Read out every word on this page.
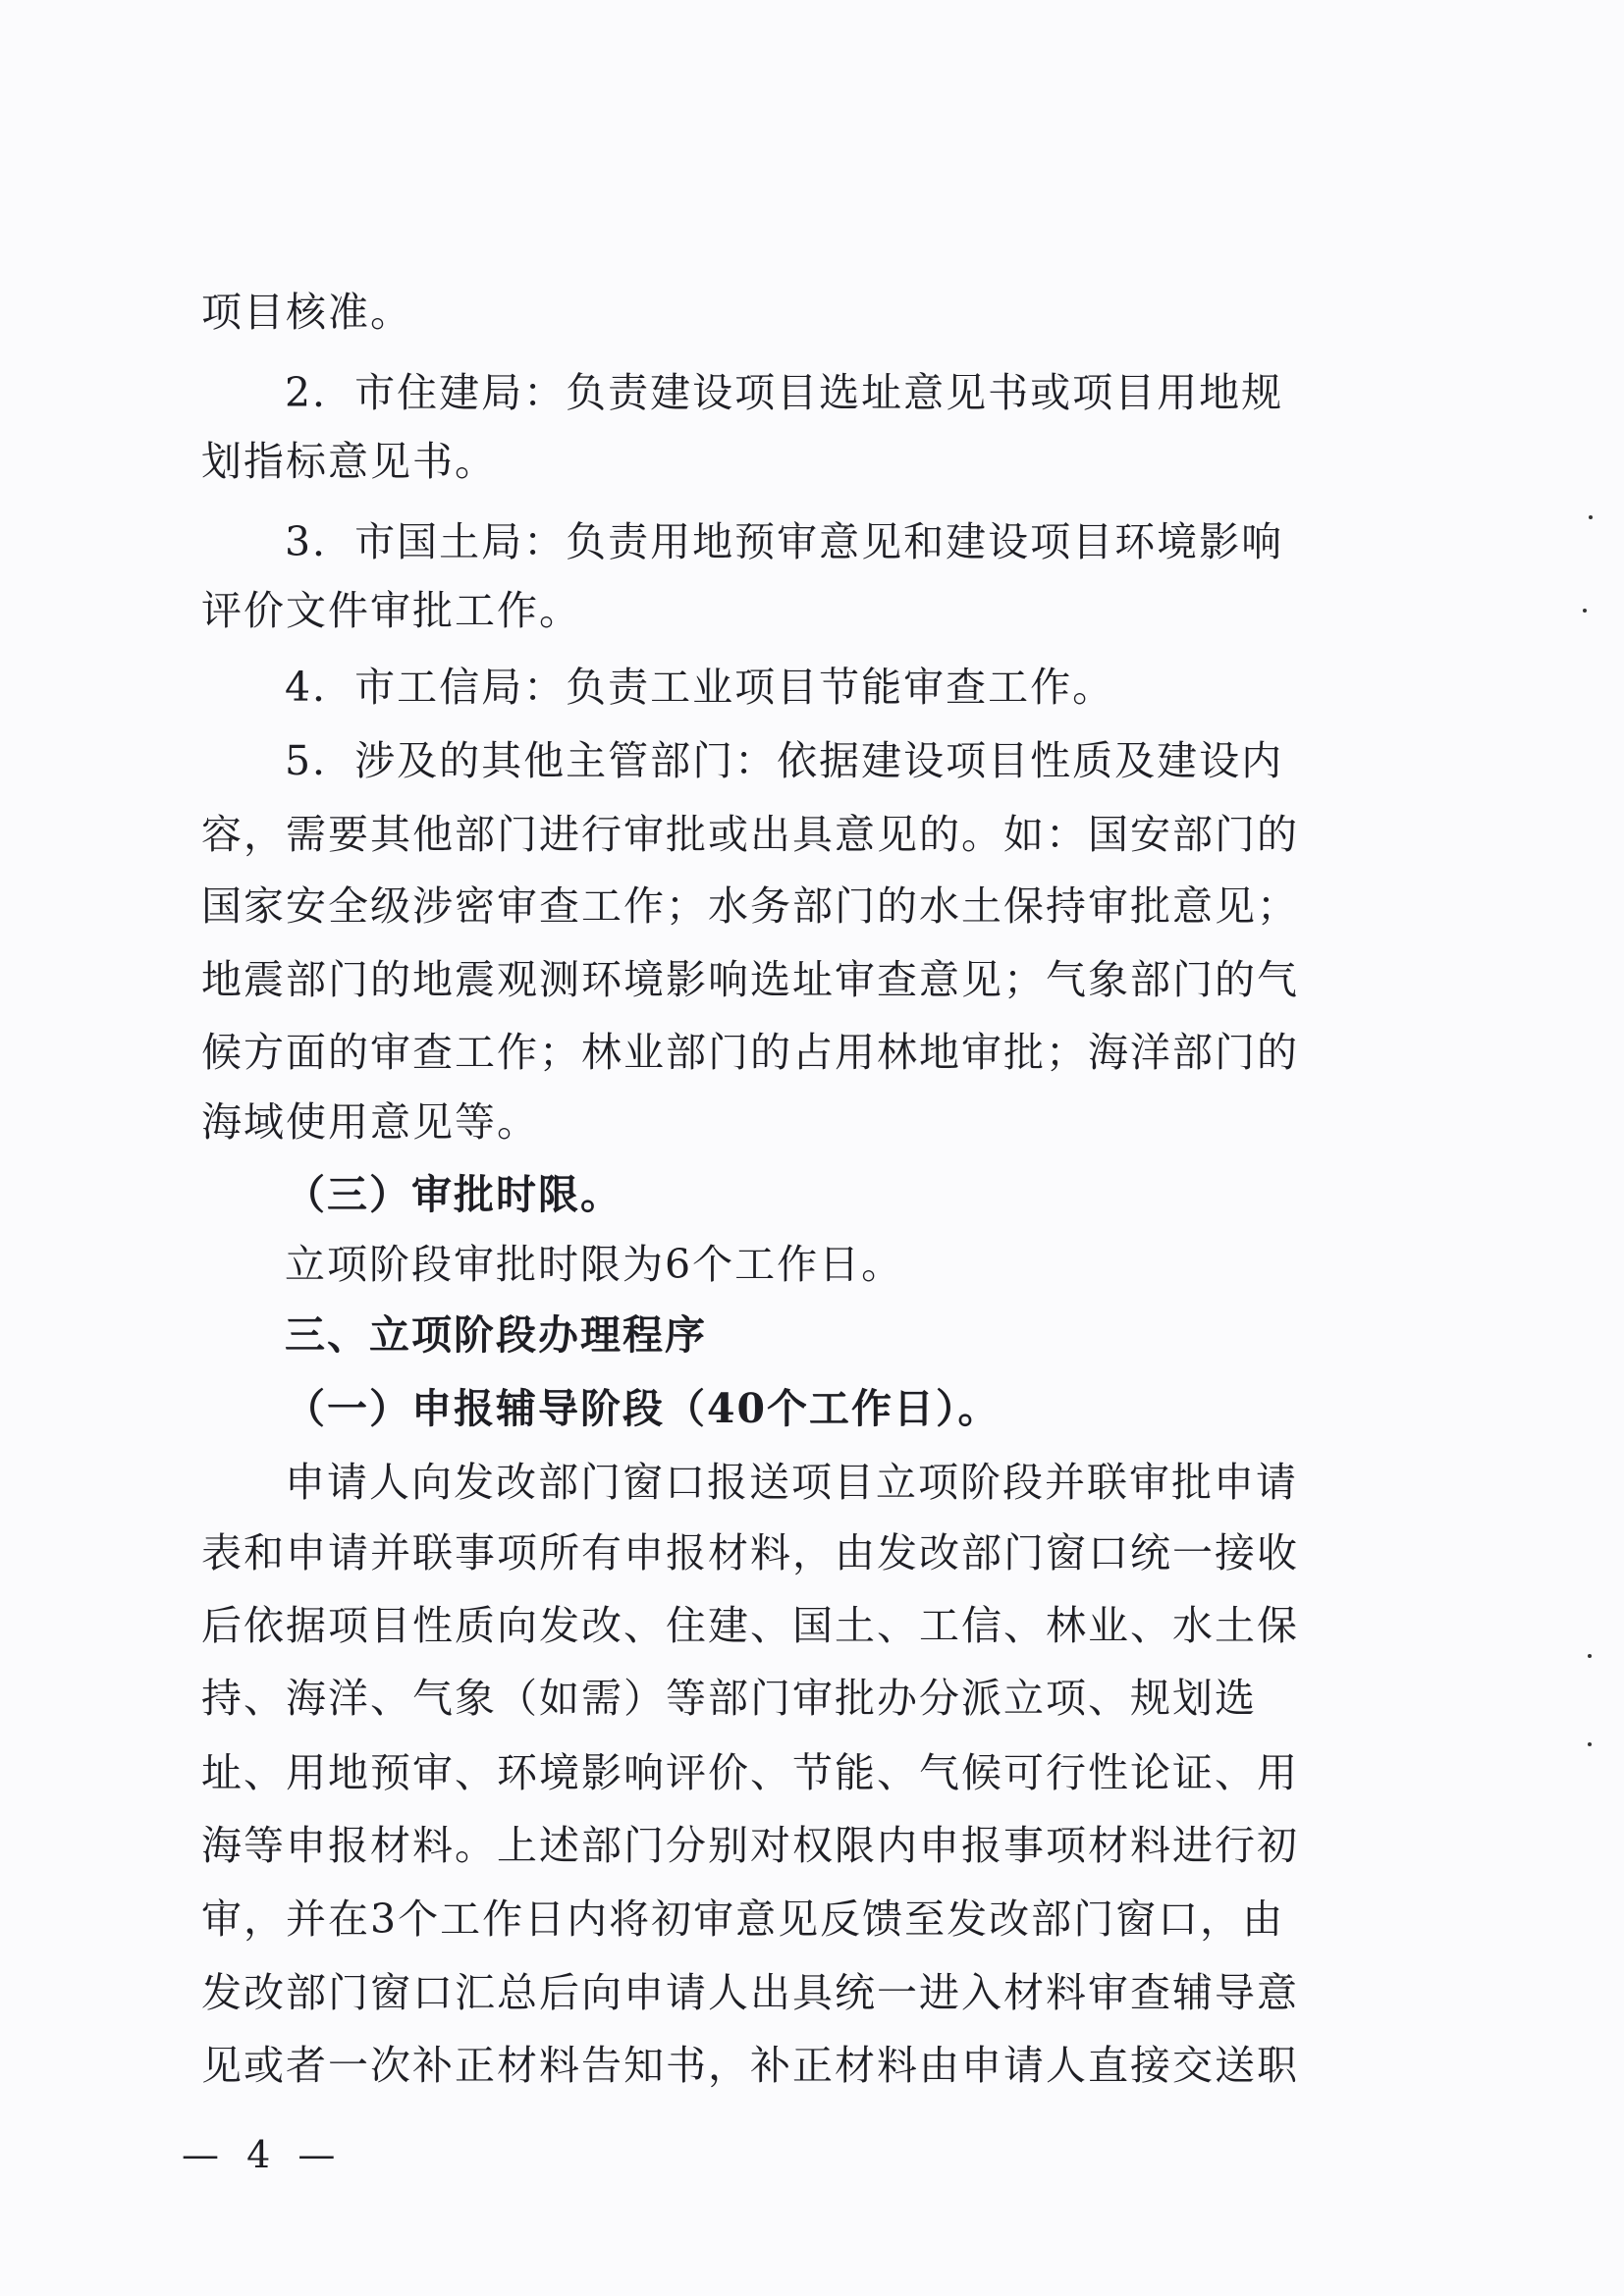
项目核准。
2．市住建局：负责建设项目选址意见书或项目用地规
划指标意见书。
3．市国土局：负责用地预审意见和建设项目环境影响
评价文件审批工作。
4．市工信局：负责工业项目节能审查工作。
5．涉及的其他主管部门：依据建设项目性质及建设内
容，需要其他部门进行审批或出具意见的。如：国安部门的
国家安全级涉密审查工作；水务部门的水土保持审批意见；
地震部门的地震观测环境影响选址审查意见；气象部门的气
候方面的审查工作；林业部门的占用林地审批；海洋部门的
海域使用意见等。
（三）审批时限。
立项阶段审批时限为6个工作日。
三、立项阶段办理程序
（一）申报辅导阶段（40个工作日）。
申请人向发改部门窗口报送项目立项阶段并联审批申请
表和申请并联事项所有申报材料，由发改部门窗口统一接收
后依据项目性质向发改、住建、国土、工信、林业、水土保
持、海洋、气象（如需）等部门审批办分派立项、规划选
址、用地预审、环境影响评价、节能、气候可行性论证、用
海等申报材料。上述部门分别对权限内申报事项材料进行初
审，并在3个工作日内将初审意见反馈至发改部门窗口，由
发改部门窗口汇总后向申请人出具统一进入材料审查辅导意
见或者一次补正材料告知书，补正材料由申请人直接交送职
— 4 —
